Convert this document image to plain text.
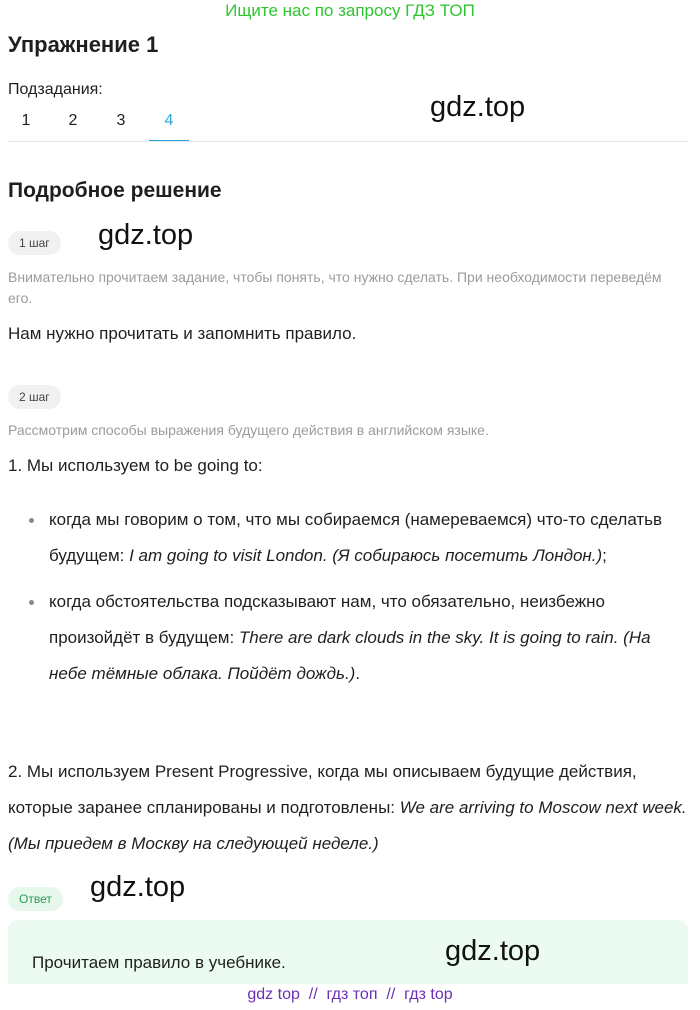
Ищите нас по запросу ГДЗ ТОП
Упражнение 1
Подзадания:
1	2	3	4	gdz.top
Подробное решение
1 шаг	gdz.top
Внимательно прочитаем задание, чтобы понять, что нужно сделать. При необходимости переведём его.
Нам нужно прочитать и запомнить правило.
2 шаг
Рассмотрим способы выражения будущего действия в английском языке.
1. Мы используем to be going to:
когда мы говорим о том, что мы собираемся (намереваемся) что-то сделатьв будущем: I am going to visit London. (Я собираюсь посетить Лондон.);
когда обстоятельства подсказывают нам, что обязательно, неизбежно произойдёт в будущем: There are dark clouds in the sky. It is going to rain. (На небе тёмные облака. Пойдёт дождь.).
2. Мы используем Present Progressive, когда мы описываем будущие действия, которые заранее спланированы и подготовлены: We are arriving to Moscow next week. (Мы приедем в Москву на следующей неделе.)
Ответ	gdz.top
Прочитаем правило в учебнике.	gdz.top
gdz top  //  гдз топ  //  гдз top
